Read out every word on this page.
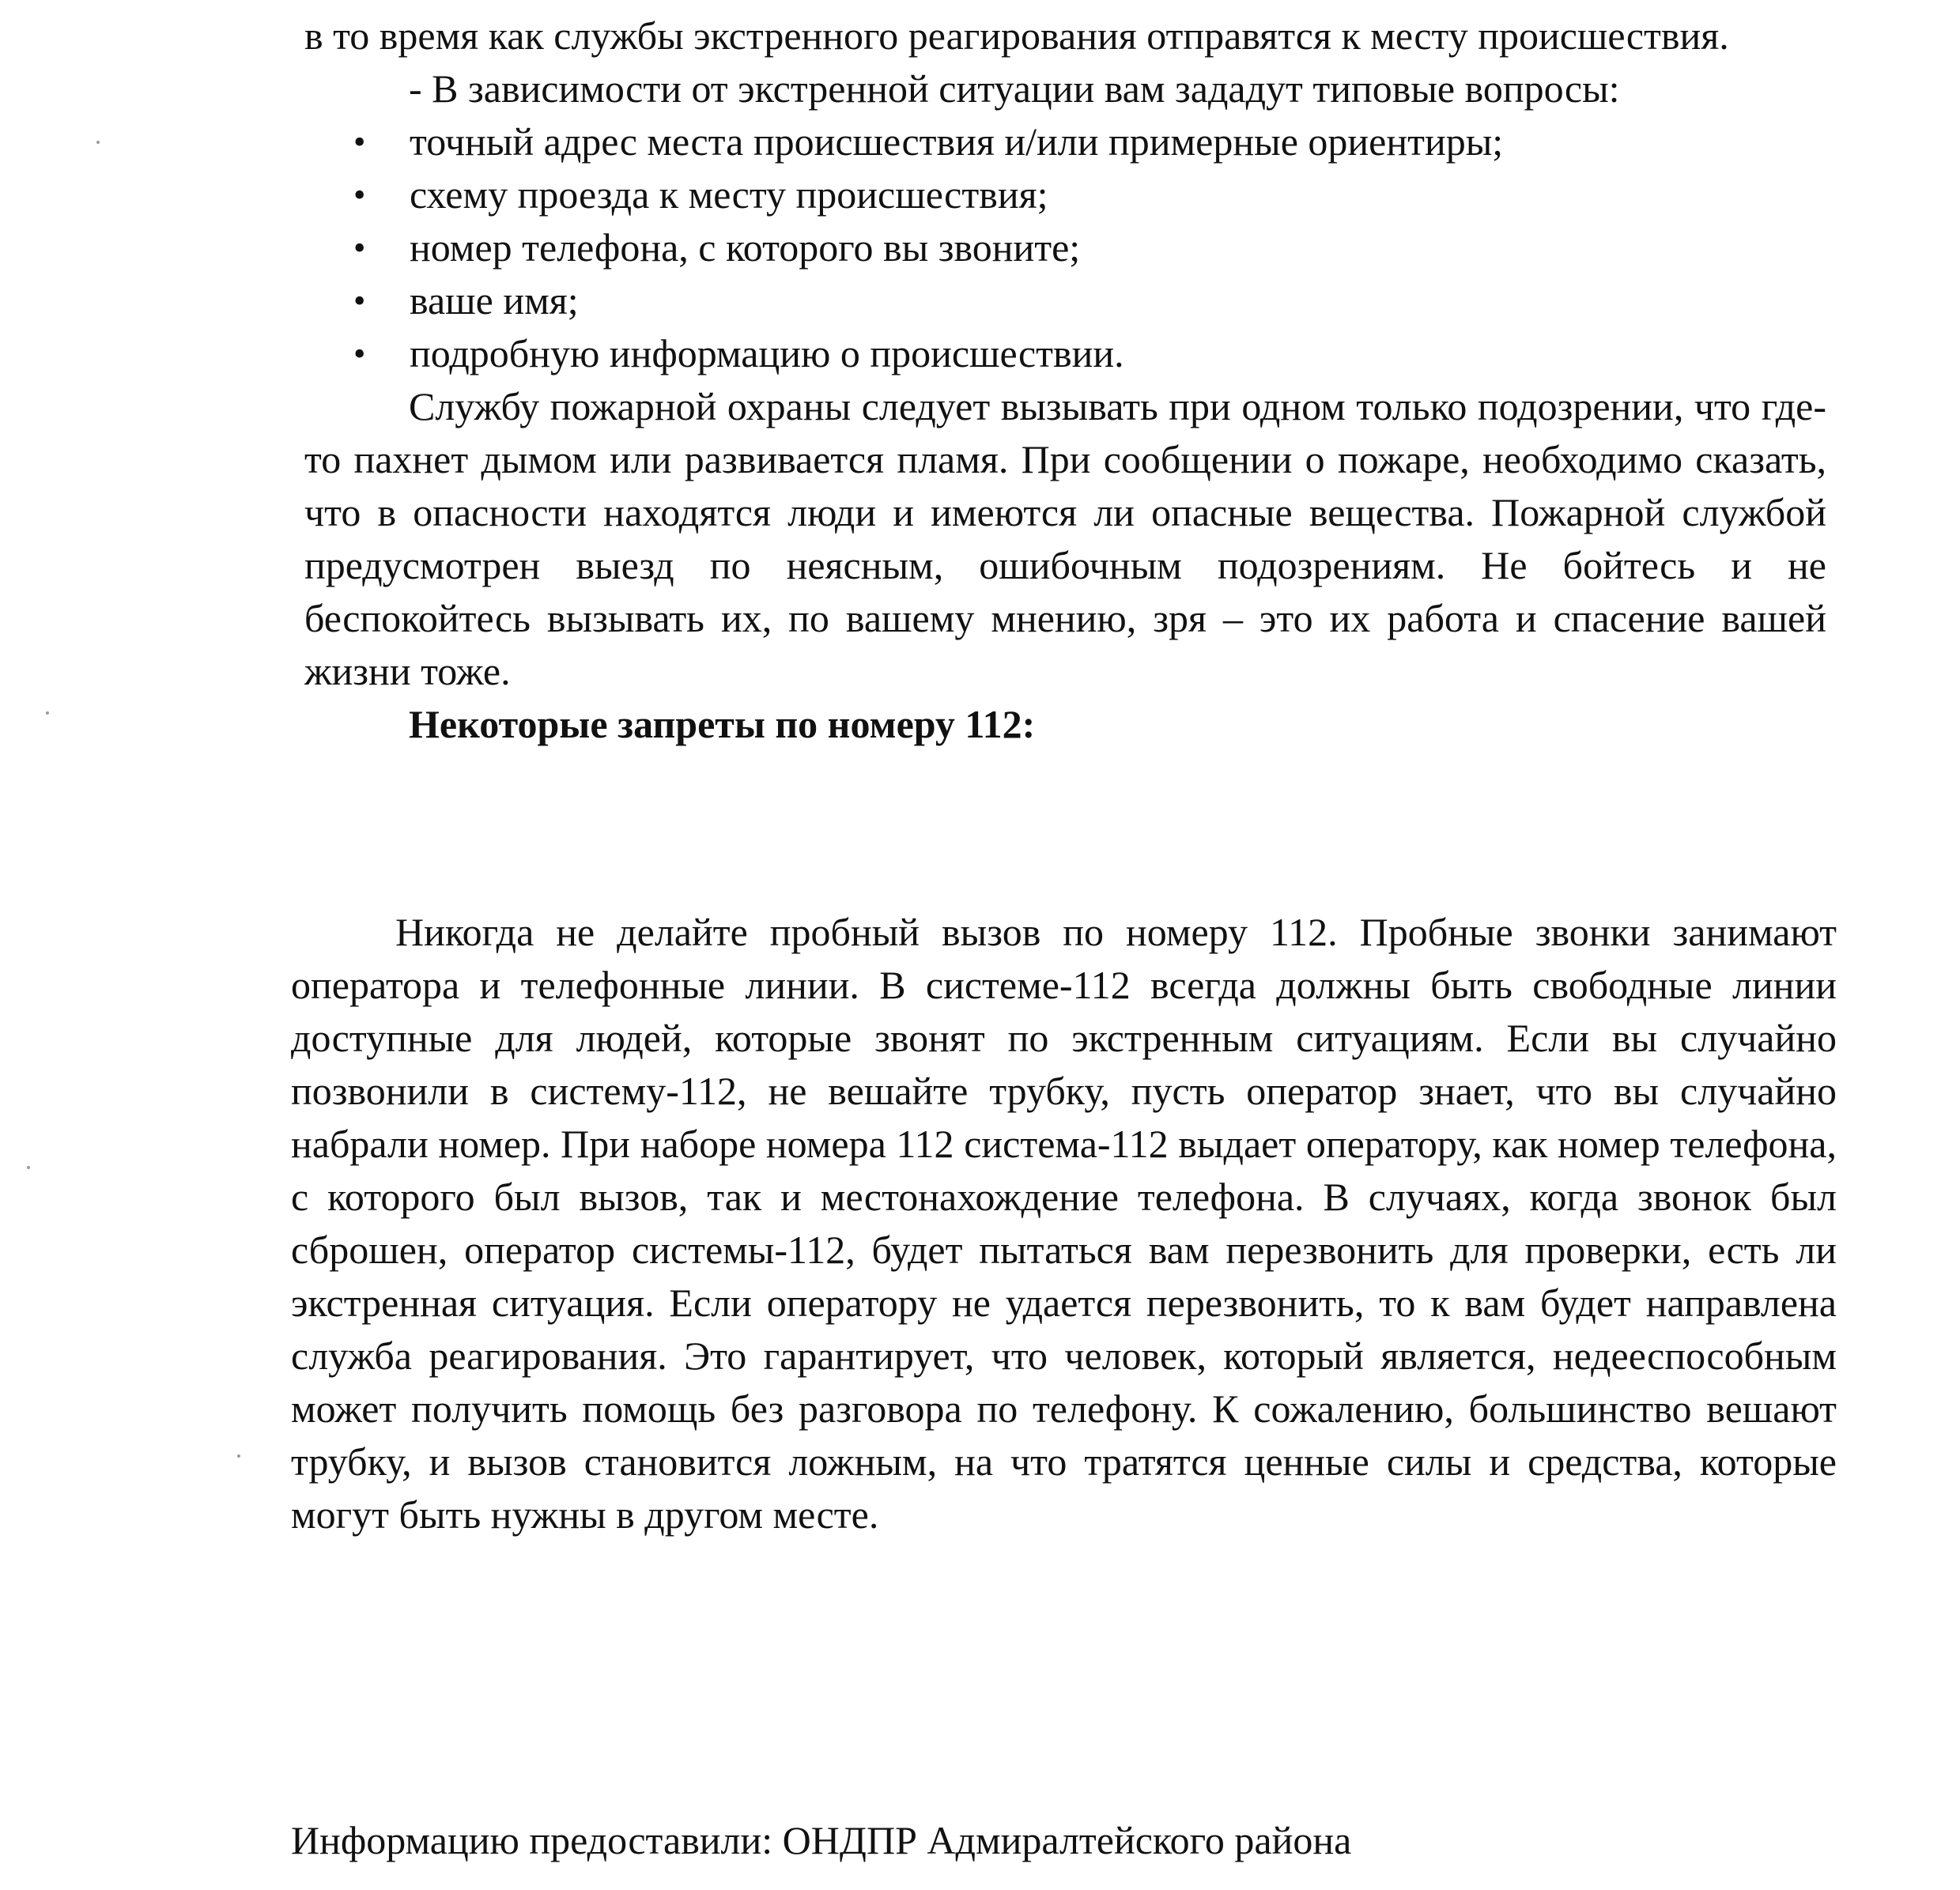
в то время как службы экстренного реагирования отправятся к месту происшествия.

- В зависимости от экстренной ситуации вам зададут типовые вопросы:

• точный адрес места происшествия и/или примерные ориентиры;
• схему проезда к месту происшествия;
• номер телефона, с которого вы звоните;
• ваше имя;
• подробную информацию о происшествии.

Службу пожарной охраны следует вызывать при одном только подозрении, что где-то пахнет дымом или развивается пламя. При сообщении о пожаре, необходимо сказать, что в опасности находятся люди и имеются ли опасные вещества. Пожарной службой предусмотрен выезд по неясным, ошибочным подозрениям. Не бойтесь и не беспокойтесь вызывать их, по вашему мнению, зря – это их работа и спасение вашей жизни тоже.

Некоторые запреты по номеру 112:

Никогда не делайте пробный вызов по номеру 112. Пробные звонки занимают оператора и телефонные линии. В системе-112 всегда должны быть свободные линии доступные для людей, которые звонят по экстренным ситуациям. Если вы случайно позвонили в систему-112, не вешайте трубку, пусть оператор знает, что вы случайно набрали номер. При наборе номера 112 система-112 выдает оператору, как номер телефона, с которого был вызов, так и местонахождение телефона. В случаях, когда звонок был сброшен, оператор системы-112, будет пытаться вам перезвонить для проверки, есть ли экстренная ситуация. Если оператору не удается перезвонить, то к вам будет направлена служба реагирования. Это гарантирует, что человек, который является, недееспособным может получить помощь без разговора по телефону. К сожалению, большинство вешают трубку, и вызов становится ложным, на что тратятся ценные силы и средства, которые могут быть нужны в другом месте.

Информацию предоставили: ОНДПР Адмиралтейского района
